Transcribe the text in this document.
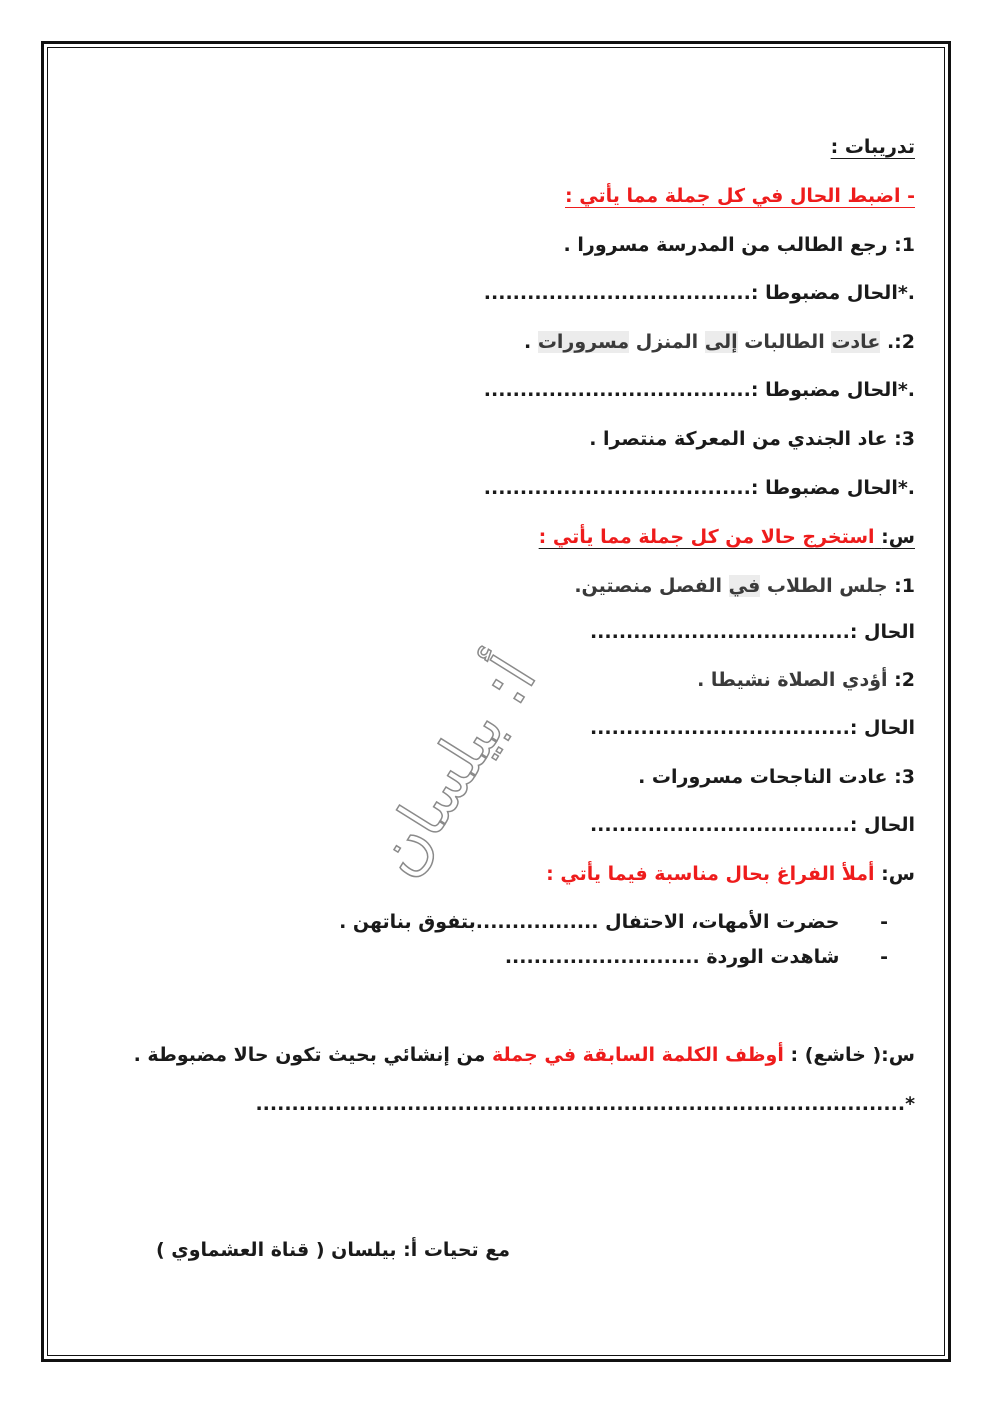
تدريبات :
- اضبط الحال في كل جملة مما يأتي :
1: رجع الطالب من المدرسة مسرورا .
.*الحال مضبوطا :.....................................
2:. عادت الطالبات إلى المنزل مسرورات .
.*الحال مضبوطا :.....................................
3: عاد الجندي من المعركة منتصرا .
.*الحال مضبوطا :.....................................
س: استخرج حالا من كل جملة مما يأتي :
1: جلس الطلاب في الفصل منصتين.
الحال :....................................
2: أؤدي الصلاة نشيطا .
الحال :....................................
3: عادت الناجحات مسرورات .
الحال :....................................
أ: بيلسان	س: أملأ الفراغ بحال مناسبة فيما يأتي :
- حضرت الأمهات، الاحتفال .................بتفوق بناتهن .
- شاهدت الوردة ...........................
س:( خاشع) : أوظف الكلمة السابقة في جملة من إنشائي بحيث تكون حالا مضبوطة .
*..........................................................................................
مع تحيات أ: بيلسان ( قناة العشماوي )
